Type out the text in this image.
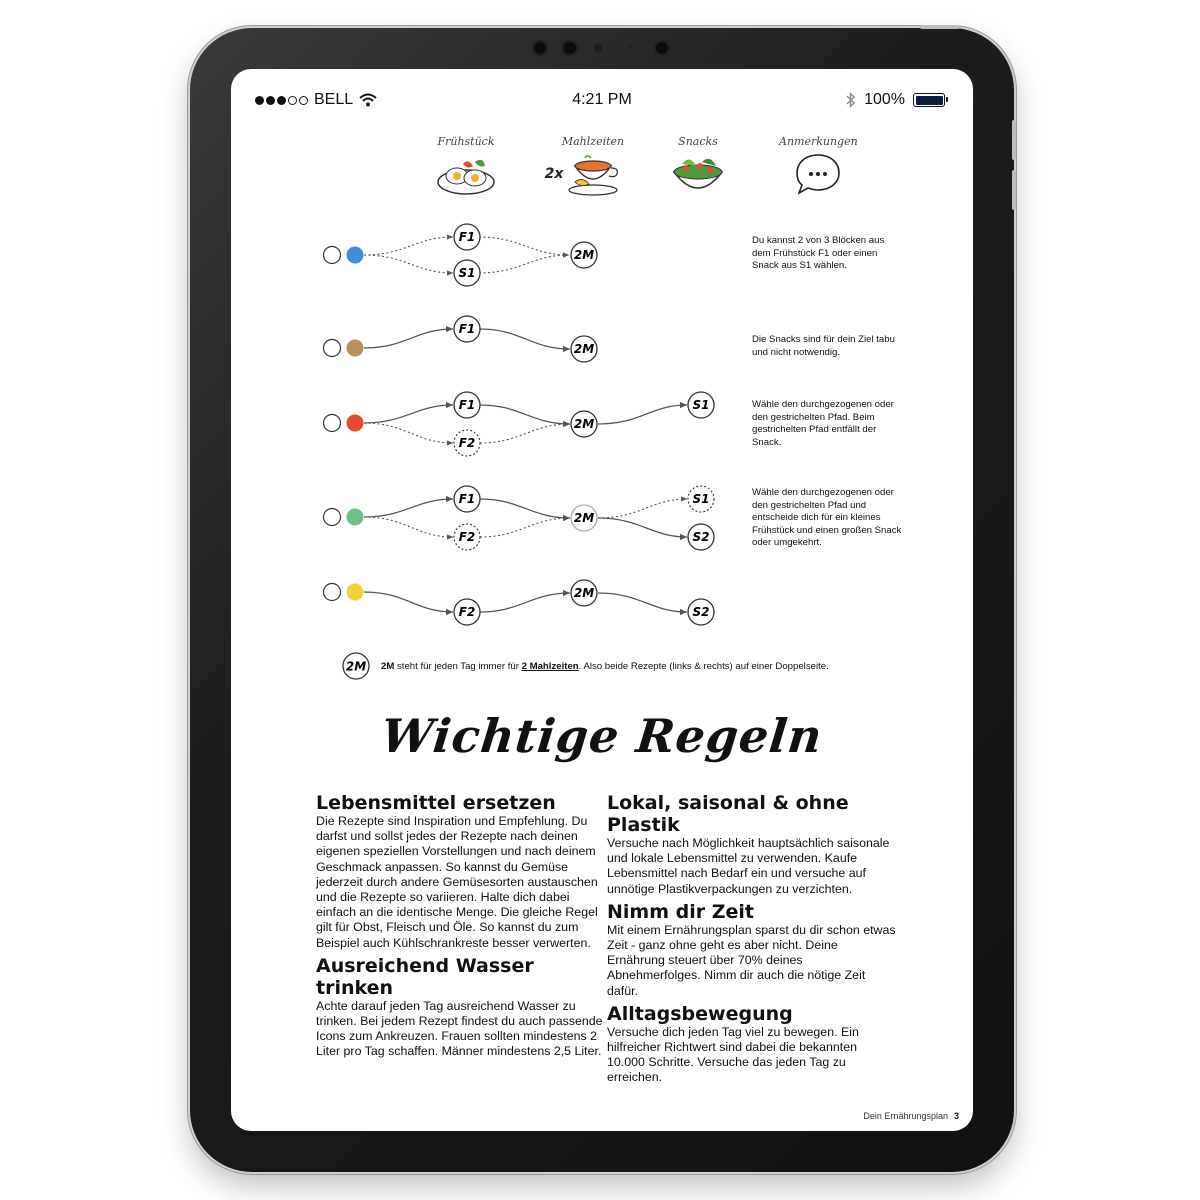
BELL	4:21 PM	100%
Frühstück	Mahlzeiten
2x
Snacks	Anmerkungen
F1
S1
2M
F1
2M
F1
F2
2M
S1
F1
F2
2M
S1
S2
F2
2M
S2
Du kannst 2 von 3 Blöcken aus dem Frühstück F1 oder einen Snack aus S1 wählen.
Die Snacks sind für dein Ziel tabu und nicht notwendig.
Wähle den durchgezogenen oder den gestrichelten Pfad. Beim gestrichelten Pfad entfällt der Snack.
Wähle den durchgezogenen oder den gestrichelten Pfad und entscheide dich für ein kleines Frühstück und einen großen Snack oder umgekehrt.
2M 2M steht für jeden Tag immer für 2 Mahlzeiten. Also beide Rezepte (links & rechts) auf einer Doppelseite.
Wichtige Regeln
Lebensmittel ersetzen

Die Rezepte sind Inspiration und Empfehlung. Du darfst und sollst jedes der Rezepte nach deinen eigenen speziellen Vorstellungen und nach deinem Geschmack anpassen. So kannst du Gemüse jederzeit durch andere Gemüsesorten austauschen und die Rezepte so variieren. Halte dich dabei einfach an die identische Menge. Die gleiche Regel gilt für Obst, Fleisch und Öle. So kannst du zum Beispiel auch Kühlschrankreste besser verwerten.

Ausreichend Wasser trinken

Achte darauf jeden Tag ausreichend Wasser zu trinken. Bei jedem Rezept findest du auch passende Icons zum Ankreuzen. Frauen sollten mindestens 2 Liter pro Tag schaffen. Männer mindestens 2,5 Liter.

Lokal, saisonal & ohne Plastik

Versuche nach Möglichkeit hauptsächlich saisonale und lokale Lebensmittel zu verwenden. Kaufe Lebensmittel nach Bedarf ein und versuche auf unnötige Plastikverpackungen zu verzichten.

Nimm dir Zeit

Mit einem Ernährungsplan sparst du dir schon etwas Zeit - ganz ohne geht es aber nicht. Deine Ernährung steuert über 70% deines Abnehmerfolges. Nimm dir auch die nötige Zeit dafür.

Alltagsbewegung

Versuche dich jeden Tag viel zu bewegen. Ein hilfreicher Richtwert sind dabei die bekannten 10.000 Schritte. Versuche das jeden Tag zu erreichen.

Dein Ernährungsplan 3
